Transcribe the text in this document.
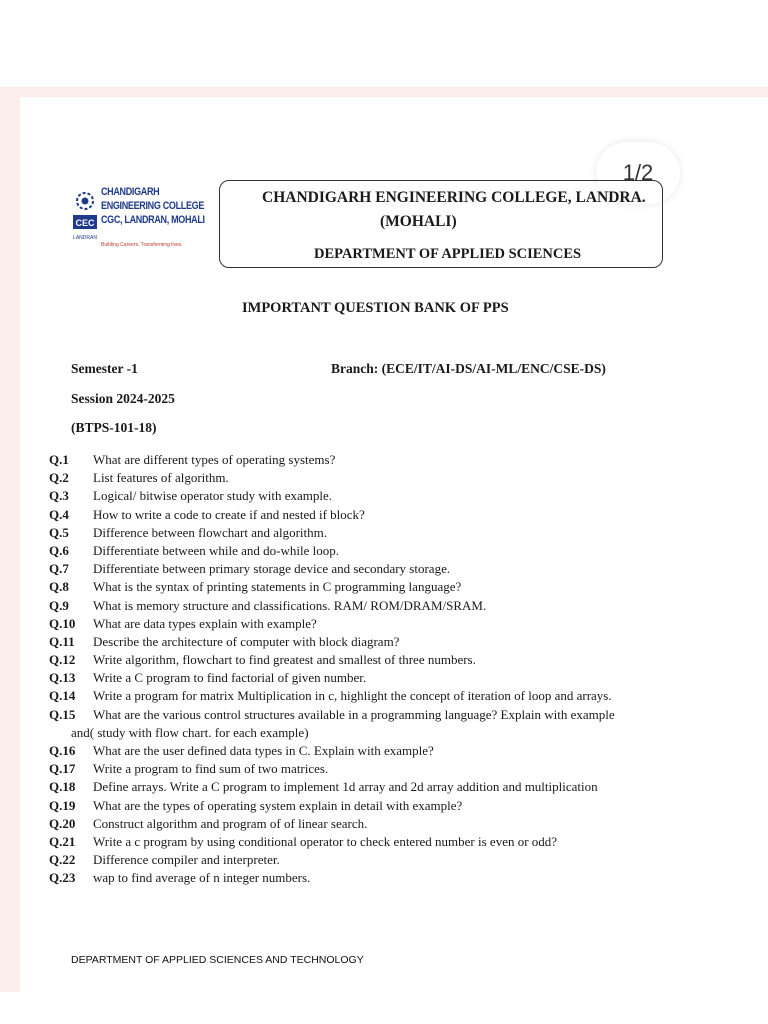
1/2
CEC
LANDRAN
CHANDIGARH
ENGINEERING COLLEGE
CGC, LANDRAN, MOHALI
Building Careers. Transforming lives.
CHANDIGARH ENGINEERING COLLEGE, LANDRA.
(MOHALI)
DEPARTMENT OF APPLIED SCIENCES
IMPORTANT QUESTION BANK OF PPS
Semester -1	Branch: (ECE/IT/AI-DS/AI-ML/ENC/CSE-DS)
Session 2024-2025
(BTPS-101-18)
Q.1 What are different types of operating systems?
Q.2 List features of algorithm.
Q.3 Logical/ bitwise operator study with example.
Q.4 How to write a code to create if and nested if block?
Q.5 Difference between flowchart and algorithm.
Q.6 Differentiate between while and do-while loop.
Q.7 Differentiate between primary storage device and secondary storage.
Q.8 What is the syntax of printing statements in C programming language?
Q.9 What is memory structure and classifications. RAM/ ROM/DRAM/SRAM.
Q.10 What are data types explain with example?
Q.11 Describe the architecture of computer with block diagram?
Q.12 Write algorithm, flowchart to find greatest and smallest of three numbers.
Q.13 Write a C program to find factorial of given number.
Q.14 Write a program for matrix Multiplication in c, highlight the concept of iteration of loop and arrays.
Q.15 What are the various control structures available in a programming language? Explain with example
and( study with flow chart. for each example)
Q.16 What are the user defined data types in C. Explain with example?
Q.17 Write a program to find sum of two matrices.
Q.18 Define arrays. Write a C program to implement 1d array and 2d array addition and multiplication
Q.19 What are the types of operating system explain in detail with example?
Q.20 Construct algorithm and program of of linear search.
Q.21 Write a c program by using conditional operator to check entered number is even or odd?
Q.22 Difference compiler and interpreter.
Q.23 wap to find average of n integer numbers.
DEPARTMENT OF APPLIED SCIENCES AND TECHNOLOGY
